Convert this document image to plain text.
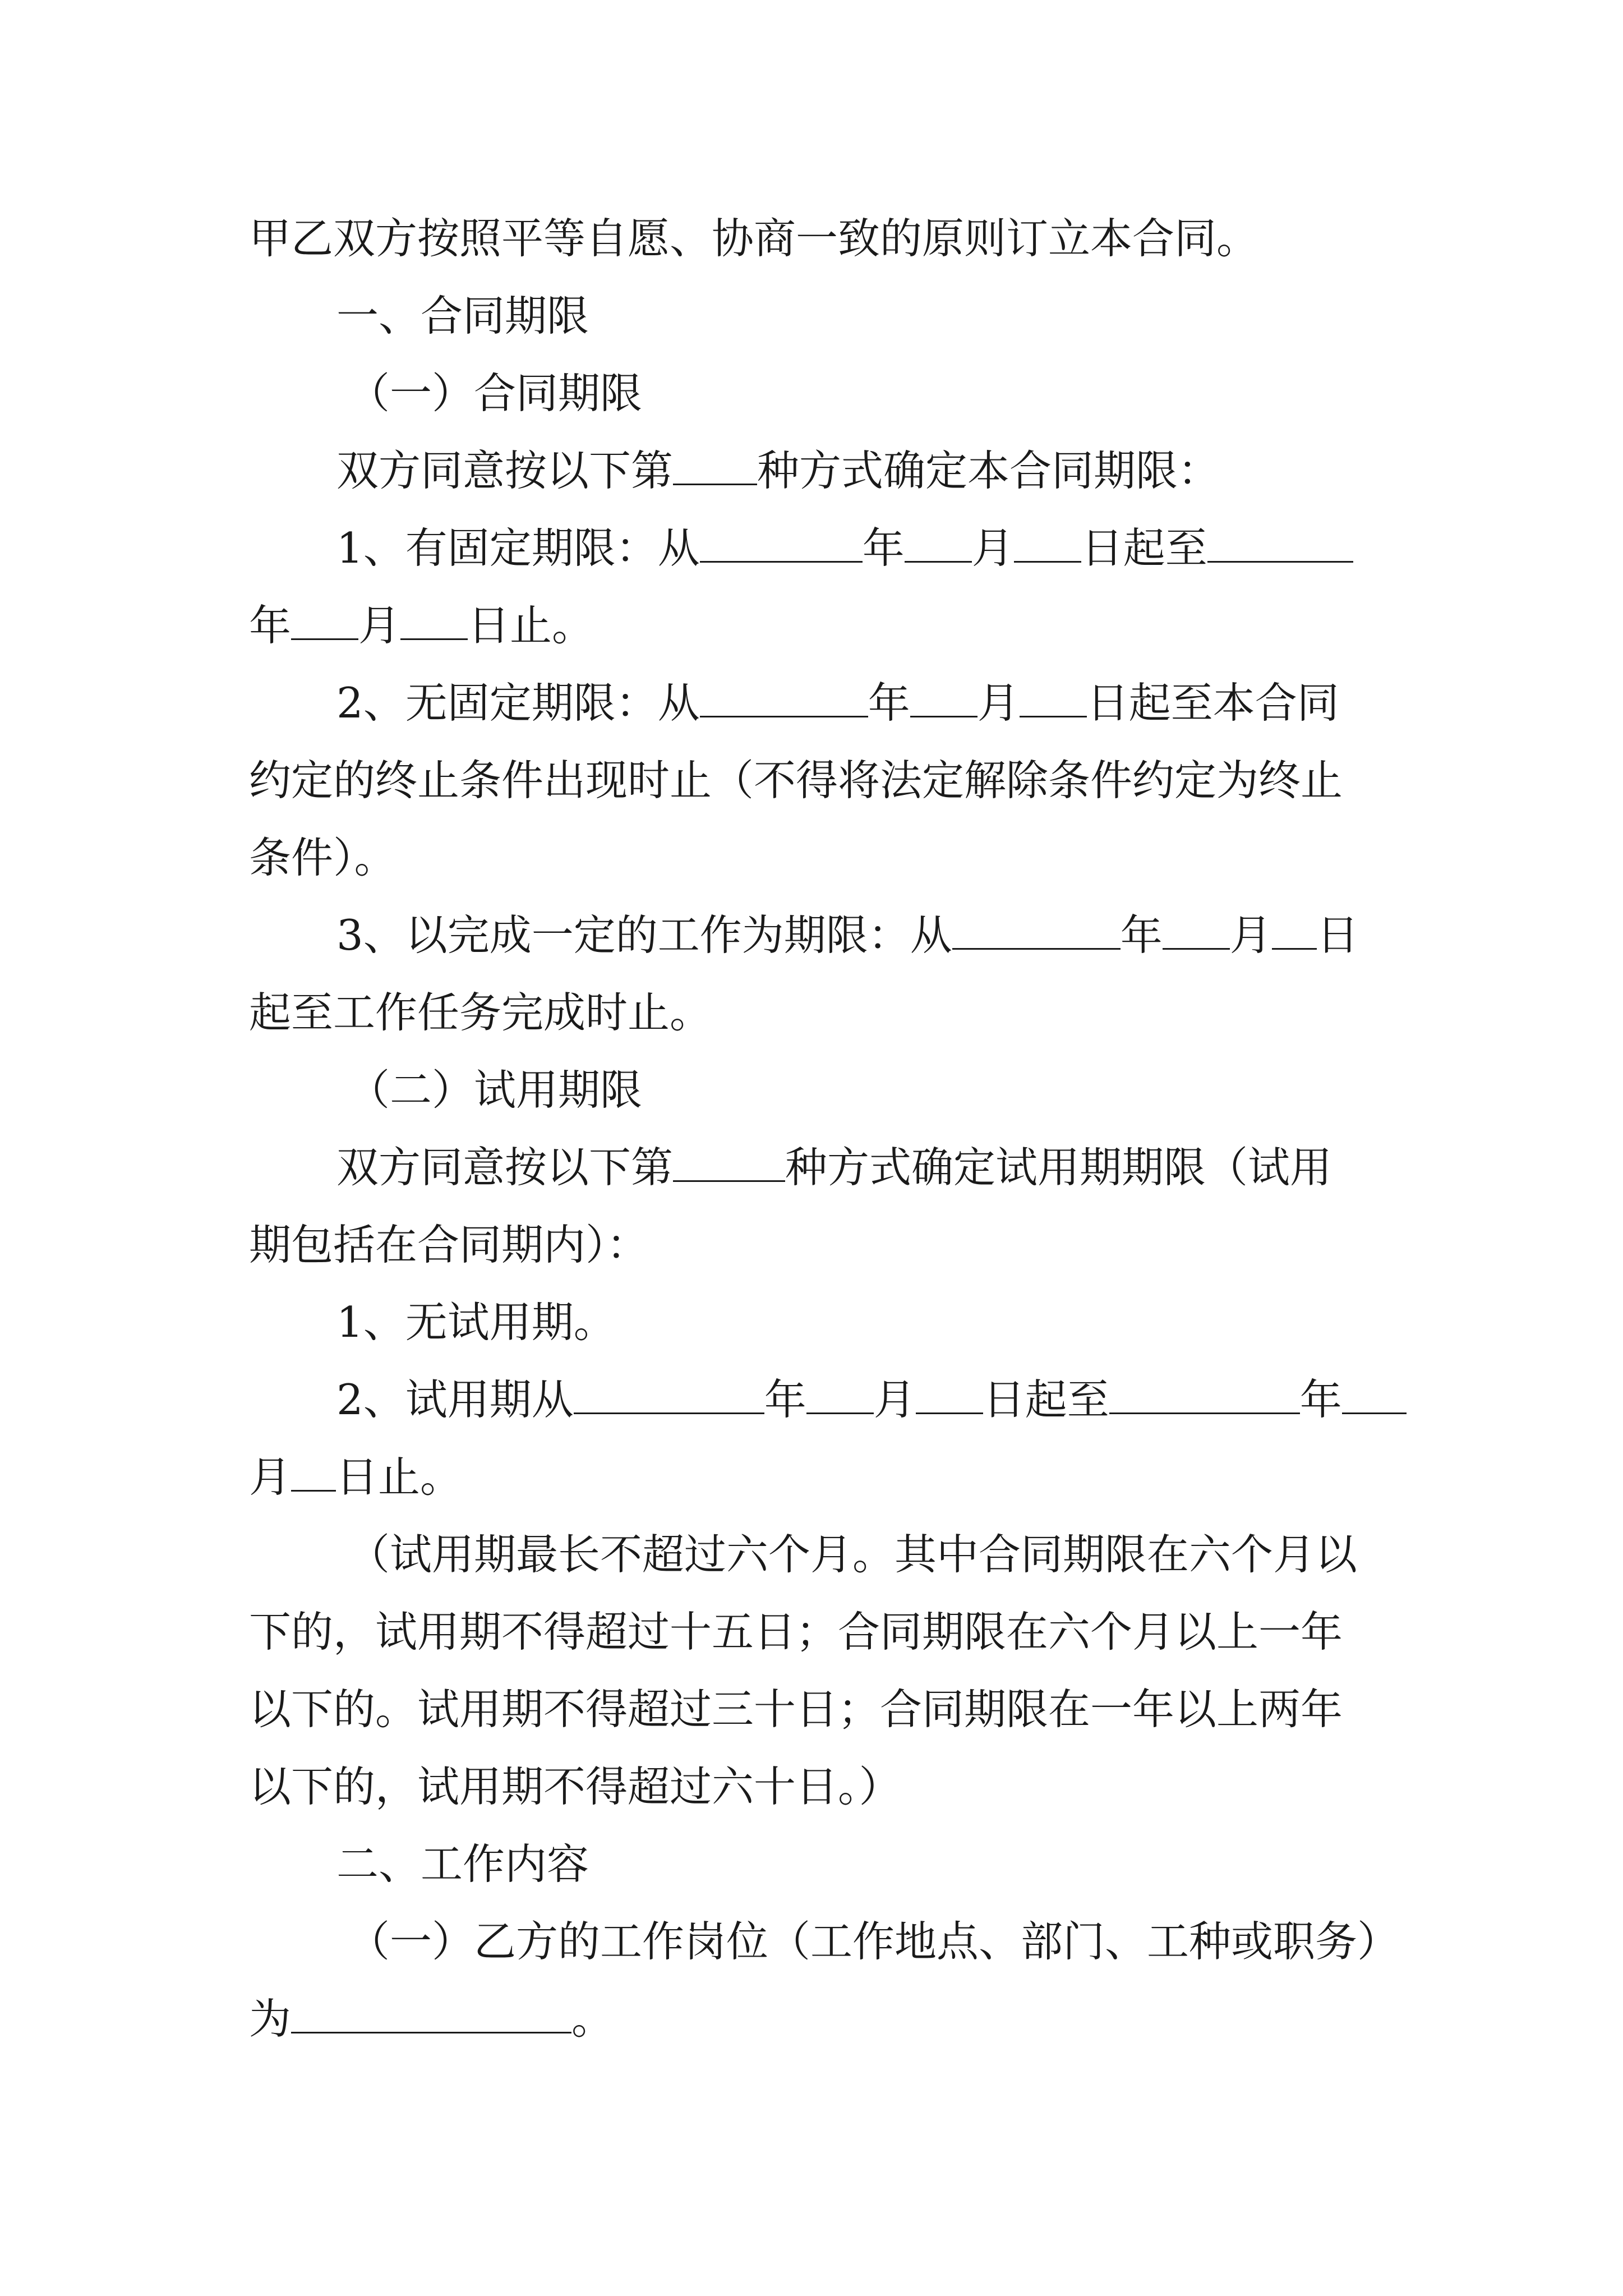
甲乙双方按照平等自愿、协商一致的原则订立本合同。
一、合同期限
（一）合同期限
双方同意按以下第 种方式确定本合同期限：
1、有固定期限：从	年 月 日起至
年 月 日止。
2、无固定期限：从	年 月 日起至本合同
约定的终止条件出现时止（不得将法定解除条件约定为终止
条件）。
3、以完成一定的工作为期限：从	年 月 日
起至工作任务完成时止。
（二）试用期限
双方同意按以下第	种方式确定试用期期限（试用
期包括在合同期内）：
1、无试用期。
2、试用期从	年 月 日起至	年
月 日止。
（试用期最长不超过六个月。其中合同期限在六个月以
下的，试用期不得超过十五日；合同期限在六个月以上一年
以下的。试用期不得超过三十日；合同期限在一年以上两年
以下的，试用期不得超过六十日。）
二、工作内容
（一）乙方的工作岗位（工作地点、部门、工种或职务）
为	。
